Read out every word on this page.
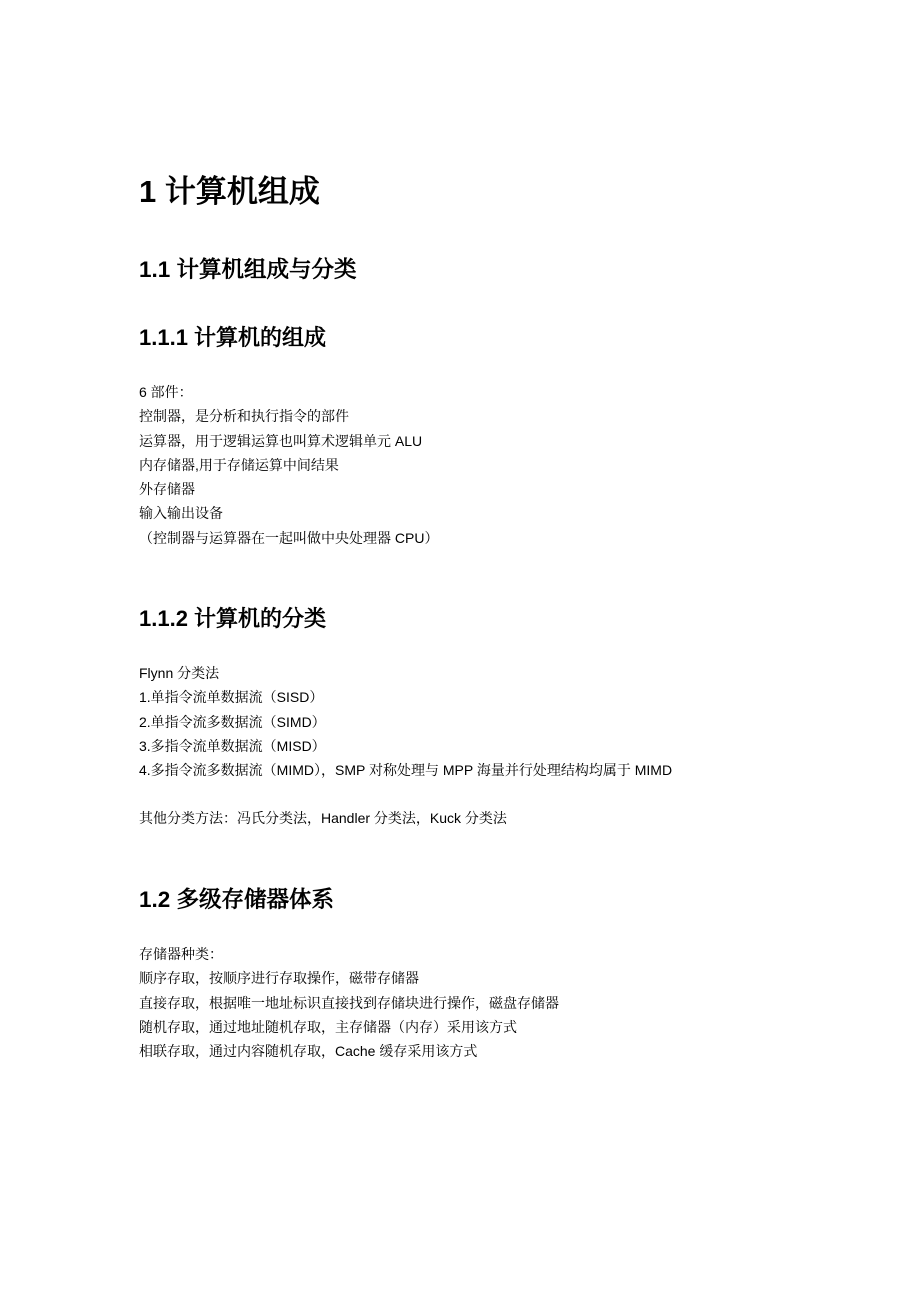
1 计算机组成
1.1 计算机组成与分类
1.1.1 计算机的组成
6 部件：
控制器，是分析和执行指令的部件
运算器，用于逻辑运算也叫算术逻辑单元 ALU
内存储器,用于存储运算中间结果
外存储器
输入输出设备
（控制器与运算器在一起叫做中央处理器 CPU）
1.1.2 计算机的分类
Flynn 分类法
1.单指令流单数据流（SISD）
2.单指令流多数据流（SIMD）
3.多指令流单数据流（MISD）
4.多指令流多数据流（MIMD），SMP 对称处理与 MPP 海量并行处理结构均属于 MIMD
其他分类方法：冯氏分类法，Handler 分类法，Kuck 分类法
1.2 多级存储器体系
存储器种类：
顺序存取，按顺序进行存取操作，磁带存储器
直接存取，根据唯一地址标识直接找到存储块进行操作，磁盘存储器
随机存取，通过地址随机存取，主存储器（内存）采用该方式
相联存取，通过内容随机存取，Cache 缓存采用该方式
